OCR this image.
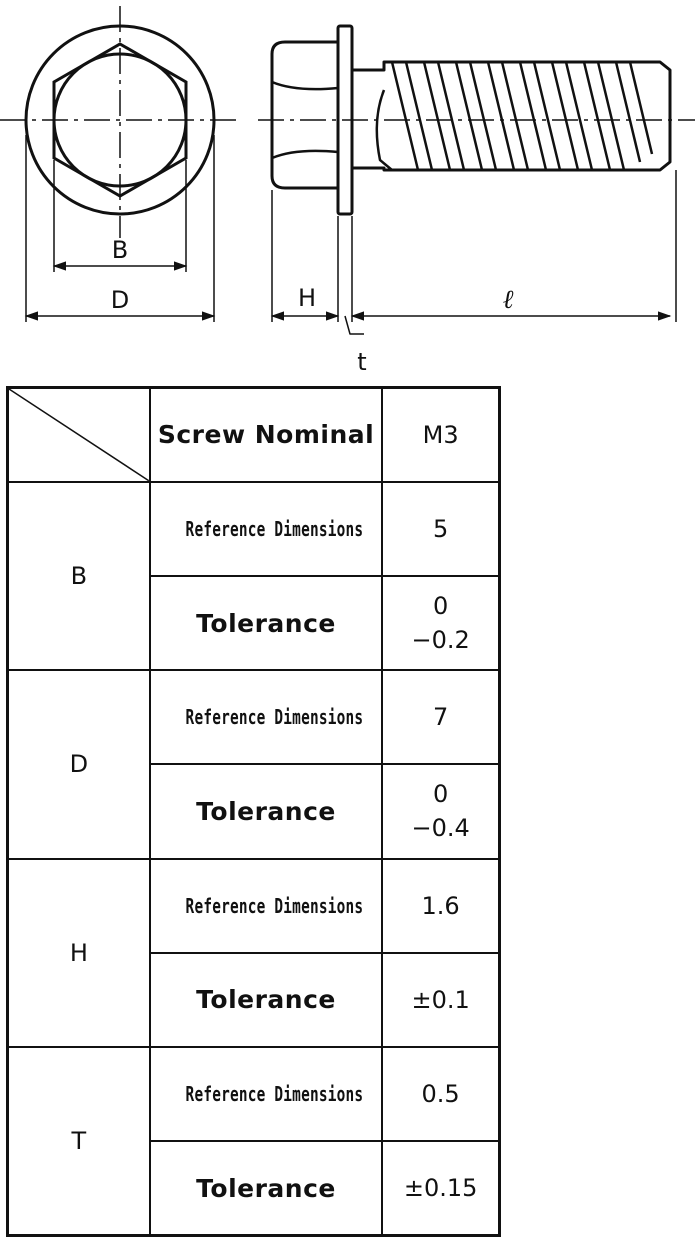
B
D	H	ℓ
t
	Screw Nominal	M3
B	Reference Dimensions	5
	Tolerance	0
−0.2

D	Reference Dimensions	7
	Tolerance	0
−0.4

H	Reference Dimensions	1.6
	Tolerance	±0.1
T	Reference Dimensions	0.5
	Tolerance	±0.15
